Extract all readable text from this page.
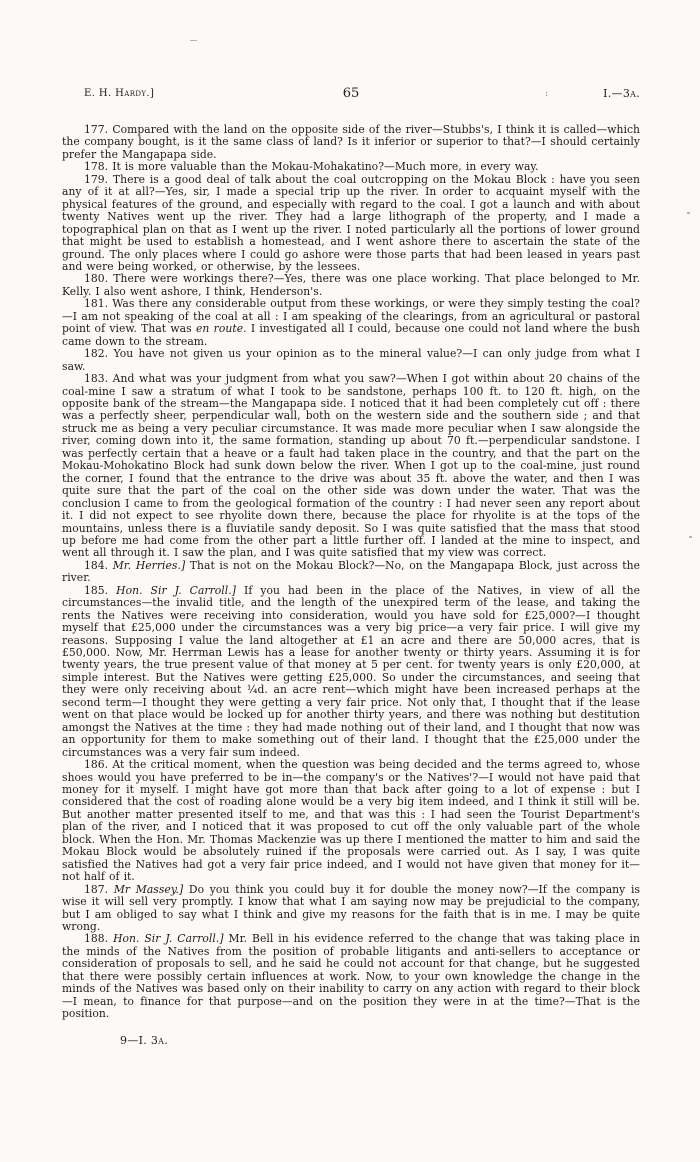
E. H. Hardy.]	65	:	I.—3a.

177. Compared with the land on the opposite side of the river—Stubbs's, I think it is called—which the company bought, is it the same class of land? Is it inferior or superior to that?—I should certainly prefer the Mangapapa side.

178. It is more valuable than the Mokau-Mohakatino?—Much more, in every way.

179. There is a good deal of talk about the coal outcropping on the Mokau Block : have you seen any of it at all?—Yes, sir, I made a special trip up the river. In order to acquaint myself with the physical features of the ground, and especially with regard to the coal. I got a launch and with about twenty Natives went up the river. They had a large lithograph of the property, and I made a topographical plan on that as I went up the river. I noted particularly all the portions of lower ground that might be used to establish a homestead, and I went ashore there to ascertain the state of the ground. The only places where I could go ashore were those parts that had been leased in years past and were being worked, or otherwise, by the lessees.

180. There were workings there?—Yes, there was one place working. That place belonged to Mr. Kelly. I also went ashore, I think, Henderson's.

181. Was there any considerable output from these workings, or were they simply testing the coal?—I am not speaking of the coal at all : I am speaking of the clearings, from an agricultural or pastoral point of view. That was en route. I investigated all I could, because one could not land where the bush came down to the stream.

182. You have not given us your opinion as to the mineral value?—I can only judge from what I saw.

183. And what was your judgment from what you saw?—When I got within about 20 chains of the coal-mine I saw a stratum of what I took to be sandstone, perhaps 100 ft. to 120 ft. high, on the opposite bank of the stream—the Mangapapa side. I noticed that it had been completely cut off : there was a perfectly sheer, perpendicular wall, both on the western side and the southern side ; and that struck me as being a very peculiar circumstance. It was made more peculiar when I saw alongside the river, coming down into it, the same formation, standing up about 70 ft.—perpendicular sandstone. I was perfectly certain that a heave or a fault had taken place in the country, and that the part on the Mokau-Mohokatino Block had sunk down below the river. When I got up to the coal-mine, just round the corner, I found that the entrance to the drive was about 35 ft. above the water, and then I was quite sure that the part of the coal on the other side was down under the water. That was the conclusion I came to from the geological formation of the country : I had never seen any report about it. I did not expect to see rhyolite down there, because the place for rhyolite is at the tops of the mountains, unless there is a fluviatile sandy deposit. So I was quite satisfied that the mass that stood up before me had come from the other part a little further off. I landed at the mine to inspect, and went all through it. I saw the plan, and I was quite satisfied that my view was correct.

184. Mr. Herries.] That is not on the Mokau Block?—No, on the Mangapapa Block, just across the river.

185. Hon. Sir J. Carroll.] If you had been in the place of the Natives, in view of all the circumstances—the invalid title, and the length of the unexpired term of the lease, and taking the rents the Natives were receiving into consideration, would you have sold for £25,000?—I thought myself that £25,000 under the circumstances was a very big price—a very fair price. I will give my reasons. Supposing I value the land altogether at £1 an acre and there are 50,000 acres, that is £50,000. Now, Mr. Herrman Lewis has a lease for another twenty or thirty years. Assuming it is for twenty years, the true present value of that money at 5 per cent. for twenty years is only £20,000, at simple interest. But the Natives were getting £25,000. So under the circumstances, and seeing that they were only receiving about ¼d. an acre rent—which might have been increased perhaps at the second term—I thought they were getting a very fair price. Not only that, I thought that if the lease went on that place would be locked up for another thirty years, and there was nothing but destitution amongst the Natives at the time : they had made nothing out of their land, and I thought that now was an opportunity for them to make something out of their land. I thought that the £25,000 under the circumstances was a very fair sum indeed.

186. At the critical moment, when the question was being decided and the terms agreed to, whose shoes would you have preferred to be in—the company's or the Natives'?—I would not have paid that money for it myself. I might have got more than that back after going to a lot of expense : but I considered that the cost of roading alone would be a very big item indeed, and I think it still will be. But another matter presented itself to me, and that was this : I had seen the Tourist Department's plan of the river, and I noticed that it was proposed to cut off the only valuable part of the whole block. When the Hon. Mr. Thomas Mackenzie was up there I mentioned the matter to him and said the Mokau Block would be absolutely ruined if the proposals were carried out. As I say, I was quite satisfied the Natives had got a very fair price indeed, and I would not have given that money for it—not half of it.

187. Mr Massey.] Do you think you could buy it for double the money now?—If the company is wise it will sell very promptly. I know that what I am saying now may be prejudicial to the company, but I am obliged to say what I think and give my reasons for the faith that is in me. I may be quite wrong.

188. Hon. Sir J. Carroll.] Mr. Bell in his evidence referred to the change that was taking place in the minds of the Natives from the position of probable litigants and anti-sellers to acceptance or consideration of proposals to sell, and he said he could not account for that change, but he suggested that there were possibly certain influences at work. Now, to your own knowledge the change in the minds of the Natives was based only on their inability to carry on any action with regard to their block—I mean, to finance for that purpose—and on the position they were in at the time?—That is the position.

9—I. 3a.
